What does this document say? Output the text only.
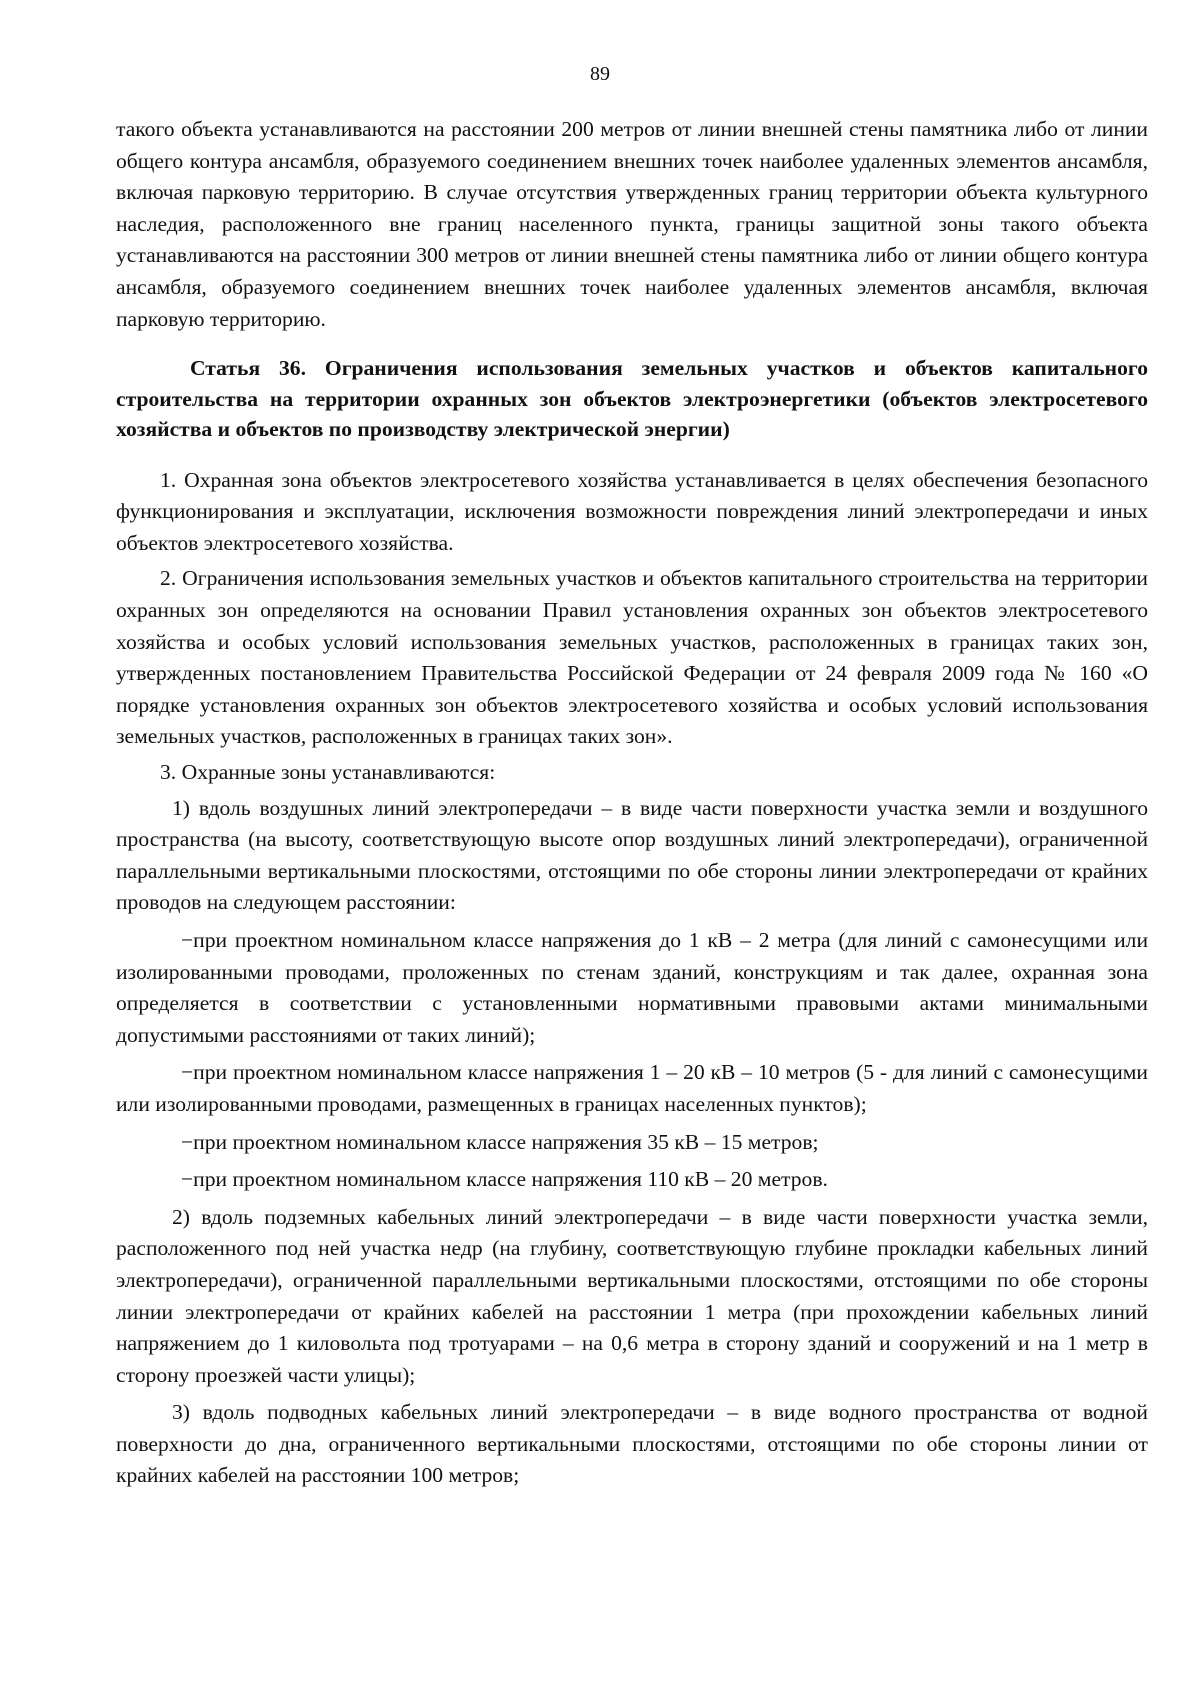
89

такого объекта устанавливаются на расстоянии 200 метров от линии внешней стены памятника либо от линии общего контура ансамбля, образуемого соединением внешних точек наиболее удаленных элементов ансамбля, включая парковую территорию. В случае отсутствия утвержденных границ территории объекта культурного наследия, расположенного вне границ населенного пункта, границы защитной зоны такого объекта устанавливаются на расстоянии 300 метров от линии внешней стены памятника либо от линии общего контура ансамбля, образуемого соединением внешних точек наиболее удаленных элементов ансамбля, включая парковую территорию.

Статья 36. Ограничения использования земельных участков и объектов капитального строительства на территории охранных зон объектов электроэнергетики (объектов электросетевого хозяйства и объектов по производству электрической энергии)

1. Охранная зона объектов электросетевого хозяйства устанавливается в целях обеспечения безопасного функционирования и эксплуатации, исключения возможности повреждения линий электропередачи и иных объектов электросетевого хозяйства.

2. Ограничения использования земельных участков и объектов капитального строительства на территории охранных зон определяются на основании Правил установления охранных зон объектов электросетевого хозяйства и особых условий использования земельных участков, расположенных в границах таких зон, утвержденных постановлением Правительства Российской Федерации от 24 февраля 2009 года № 160 «О порядке установления охранных зон объектов электросетевого хозяйства и особых условий использования земельных участков, расположенных в границах таких зон».

3. Охранные зоны устанавливаются:

1) вдоль воздушных линий электропередачи – в виде части поверхности участка земли и воздушного пространства (на высоту, соответствующую высоте опор воздушных линий электропередачи), ограниченной параллельными вертикальными плоскостями, отстоящими по обе стороны линии электропередачи от крайних проводов на следующем расстоянии:

−при проектном номинальном классе напряжения до 1 кВ – 2 метра (для линий с самонесущими или изолированными проводами, проложенных по стенам зданий, конструкциям и так далее, охранная зона определяется в соответствии с установленными нормативными правовыми актами минимальными допустимыми расстояниями от таких линий);

−при проектном номинальном классе напряжения 1 – 20 кВ – 10 метров (5 - для линий с самонесущими или изолированными проводами, размещенных в границах населенных пунктов);

−при проектном номинальном классе напряжения 35 кВ – 15 метров;

−при проектном номинальном классе напряжения 110 кВ – 20 метров.

2) вдоль подземных кабельных линий электропередачи – в виде части поверхности участка земли, расположенного под ней участка недр (на глубину, соответствующую глубине прокладки кабельных линий электропередачи), ограниченной параллельными вертикальными плоскостями, отстоящими по обе стороны линии электропередачи от крайних кабелей на расстоянии 1 метра (при прохождении кабельных линий напряжением до 1 киловольта под тротуарами – на 0,6 метра в сторону зданий и сооружений и на 1 метр в сторону проезжей части улицы);

3) вдоль подводных кабельных линий электропередачи – в виде водного пространства от водной поверхности до дна, ограниченного вертикальными плоскостями, отстоящими по обе стороны линии от крайних кабелей на расстоянии 100 метров;
